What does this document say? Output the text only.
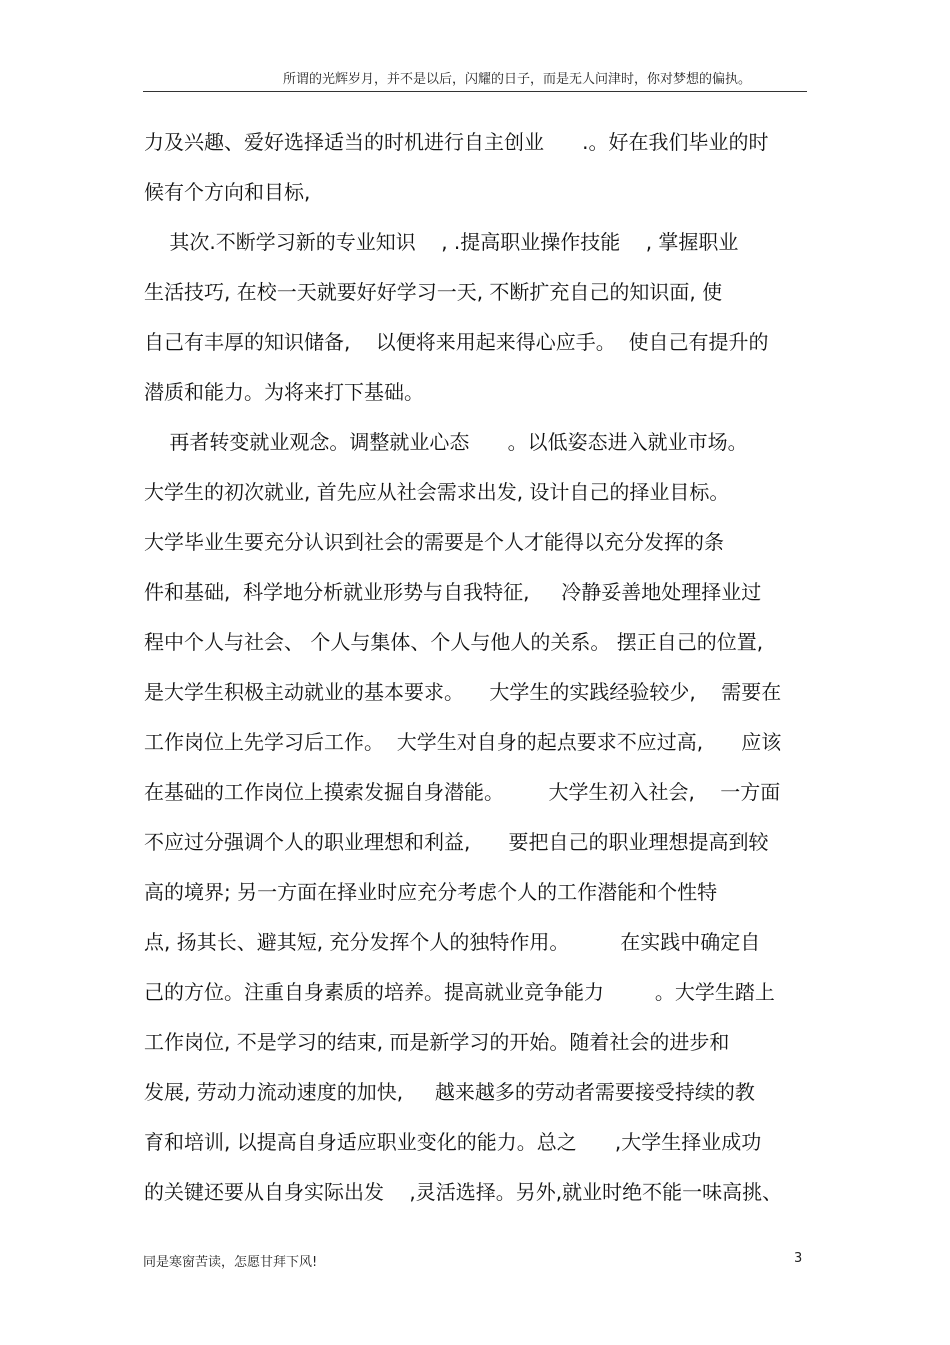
所谓的光辉岁月，并不是以后，闪耀的日子，而是无人问津时，你对梦想的偏执。
力及兴趣、爱好选择适当的时机进行自主创业      .。好在我们毕业的时
候有个方向和目标,
其次.不断学习新的专业知识    , .提高职业操作技能    , 掌握职业
生活技巧, 在校一天就要好好学习一天, 不断扩充自己的知识面, 使
自己有丰厚的知识储备,    以便将来用起来得心应手。  使自己有提升的
潜质和能力。为将来打下基础。
再者转变就业观念。调整就业心态      。以低姿态进入就业市场。
大学生的初次就业, 首先应从社会需求出发, 设计自己的择业目标。
大学毕业生要充分认识到社会的需要是个人才能得以充分发挥的条
件和基础,  科学地分析就业形势与自我特征,     冷静妥善地处理择业过
程中个人与社会、 个人与集体、个人与他人的关系。 摆正自己的位置,
是大学生积极主动就业的基本要求。    大学生的实践经验较少,    需要在
工作岗位上先学习后工作。  大学生对自身的起点要求不应过高,      应该
在基础的工作岗位上摸索发掘自身潜能。       大学生初入社会,    一方面
不应过分强调个人的职业理想和利益,      要把自己的职业理想提高到较
高的境界; 另一方面在择业时应充分考虑个人的工作潜能和个性特
点, 扬其长、避其短, 充分发挥个人的独特作用。        在实践中确定自
己的方位。注重自身素质的培养。提高就业竞争能力        。大学生踏上
工作岗位, 不是学习的结束, 而是新学习的开始。随着社会的进步和
发展, 劳动力流动速度的加快,     越来越多的劳动者需要接受持续的教
育和培训, 以提高自身适应职业变化的能力。总之      ,大学生择业成功
的关键还要从自身实际出发    ,灵活选择。另外,就业时绝不能一味高挑、
同是寒窗苦读，怎愿甘拜下风!	3
